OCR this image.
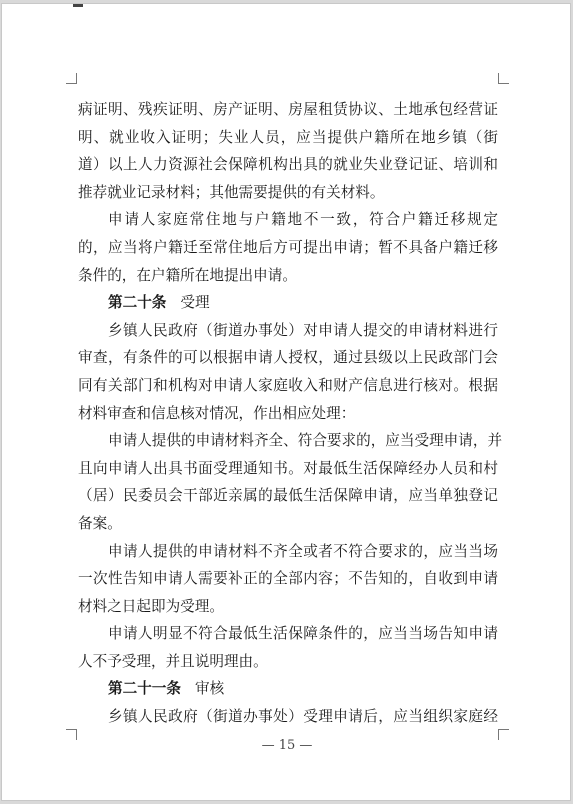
病证明、残疾证明、房产证明、房屋租赁协议、土地承包经营证
明、就业收入证明；失业人员，应当提供户籍所在地乡镇（街
道）以上人力资源社会保障机构出具的就业失业登记证、培训和
推荐就业记录材料；其他需要提供的有关材料。
申请人家庭常住地与户籍地不一致，符合户籍迁移规定
的，应当将户籍迁至常住地后方可提出申请；暂不具备户籍迁移
条件的，在户籍所在地提出申请。
第二十条 受理
乡镇人民政府（街道办事处）对申请人提交的申请材料进行
审查，有条件的可以根据申请人授权，通过县级以上民政部门会
同有关部门和机构对申请人家庭收入和财产信息进行核对。根据
材料审查和信息核对情况，作出相应处理：
申请人提供的申请材料齐全、符合要求的，应当受理申请，并
且向申请人出具书面受理通知书。对最低生活保障经办人员和村
（居）民委员会干部近亲属的最低生活保障申请，应当单独登记
备案。
申请人提供的申请材料不齐全或者不符合要求的，应当当场
一次性告知申请人需要补正的全部内容；不告知的，自收到申请
材料之日起即为受理。
申请人明显不符合最低生活保障条件的，应当当场告知申请
人不予受理，并且说明理由。
第二十一条 审核
乡镇人民政府（街道办事处）受理申请后，应当组织家庭经
— 15 —
